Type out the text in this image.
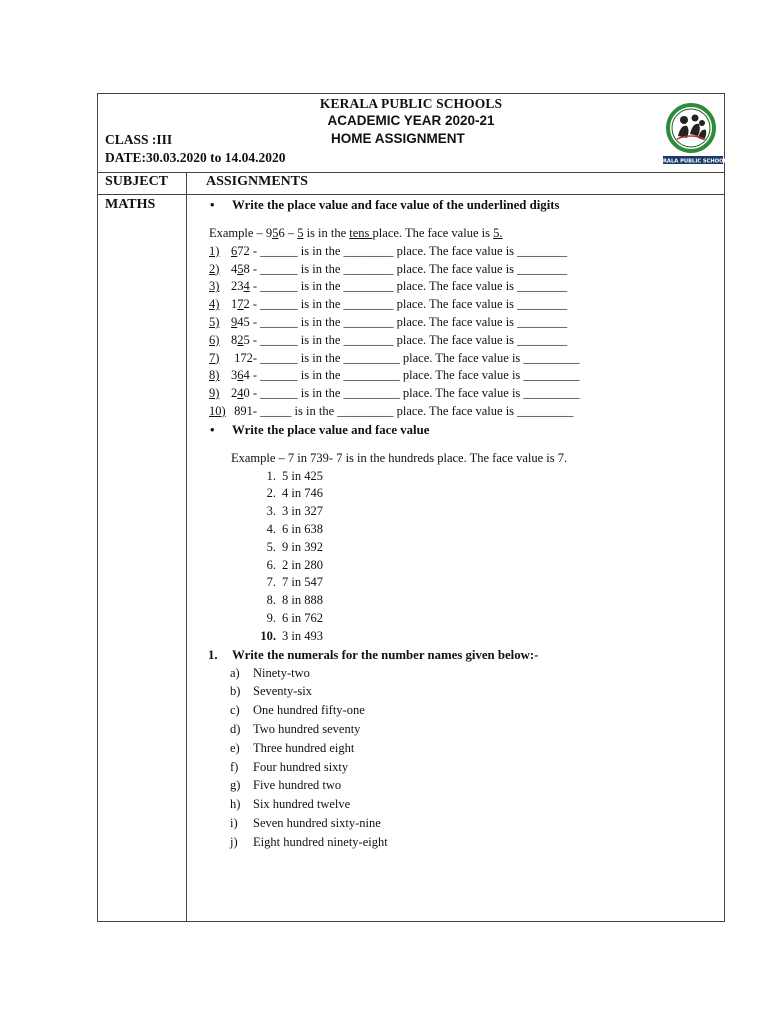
KERALA PUBLIC SCHOOLS
ACADEMIC YEAR 2020-21
HOME ASSIGNMENT
CLASS :III
DATE:30.03.2020 to 14.04.2020	KERALA PUBLIC SCHOOLS
SUBJECT	ASSIGNMENTS
MATHS	• Write the place value and face value of the underlined digits
Example – 956 – 5 is in the tens place. The face value is 5.
1) 672 - ______ is in the ________ place. The face value is ________
2) 458 - ______ is in the ________ place. The face value is ________
3) 234 - ______ is in the ________ place. The face value is ________
4) 172 - ______ is in the ________ place. The face value is ________
5) 945 - ______ is in the ________ place. The face value is ________
6) 825 - ______ is in the ________ place. The face value is ________
7) 172- ______ is in the _________ place. The face value is _________
8) 364 - ______ is in the _________ place. The face value is _________
9) 240 - ______ is in the _________ place. The face value is _________
10) 891- _____ is in the _________ place. The face value is _________
• Write the place value and face value
Example – 7 in 739- 7 is in the hundreds place. The face value is 7.
1. 5 in 425
2. 4 in 746
3. 3 in 327
4. 6 in 638
5. 9 in 392
6. 2 in 280
7. 7 in 547
8. 8 in 888
9. 6 in 762
10. 3 in 493
1. Write the numerals for the number names given below:-
a) Ninety-two
b) Seventy-six
c) One hundred fifty-one
d) Two hundred seventy
e) Three hundred eight
f) Four hundred sixty
g) Five hundred two
h) Six hundred twelve
i) Seven hundred sixty-nine
j) Eight hundred ninety-eight
